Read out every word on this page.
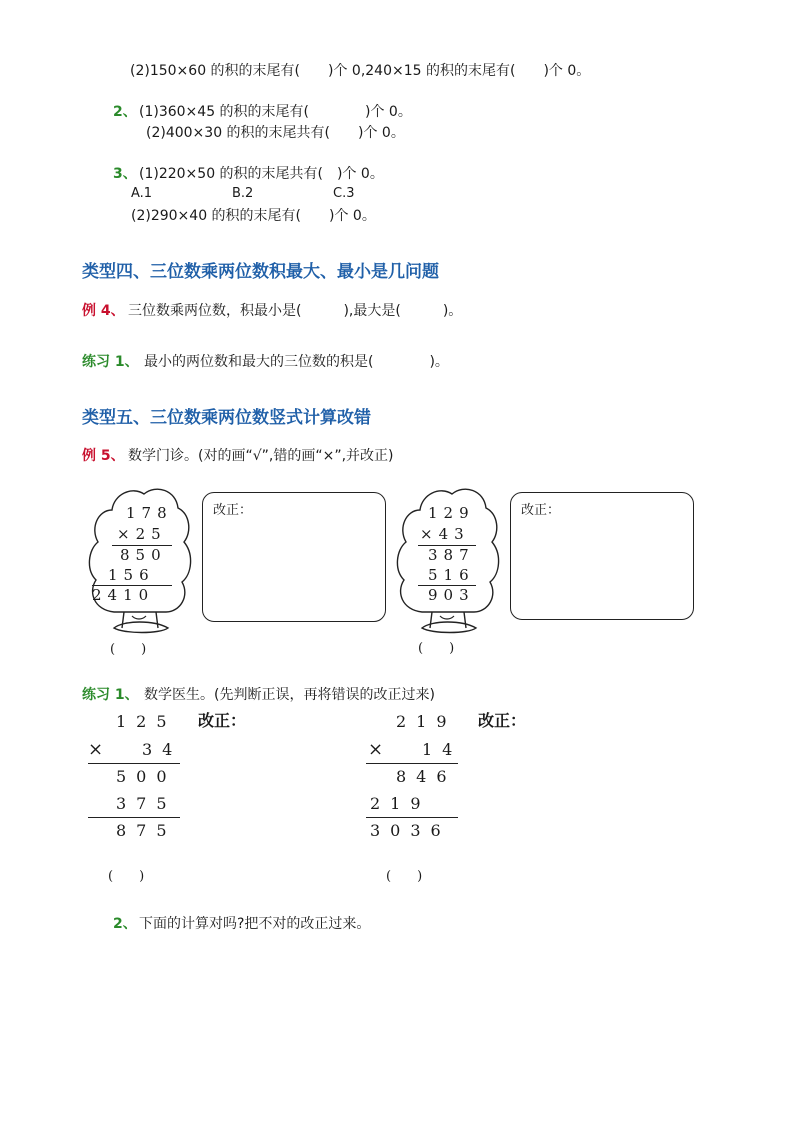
(2)150×60 的积的末尾有(　　)个 0,240×15 的积的末尾有(　　)个 0。
2、 (1)360×45 的积的末尾有(　　　　)个 0。
(2)400×30 的积的末尾共有(　　)个 0。
3、 (1)220×50 的积的末尾共有(　)个 0。
A.1	B.2	C.3
(2)290×40 的积的末尾有(　　)个 0。
类型四、三位数乘两位数积最大、最小是几问题
例 4、 三位数乘两位数，积最小是(　　　),最大是(　　　)。
练习 1、 最小的两位数和最大的三位数的积是(　　　　)。
类型五、三位数乘两位数竖式计算改错
例 5、 数学门诊。(对的画“√”,错的画“×”,并改正)
178
×25
850
156
2410
(　　)
改正：	129
×43
387
516
903
(　　)
改正：
练习 1、 数学医生。(先判断正误，再将错误的改正过来)
125
× 34
500
375
875
改正：
(　　)
219
× 14
846
219
3036
改正：
(　　)
2、 下面的计算对吗?把不对的改正过来。
